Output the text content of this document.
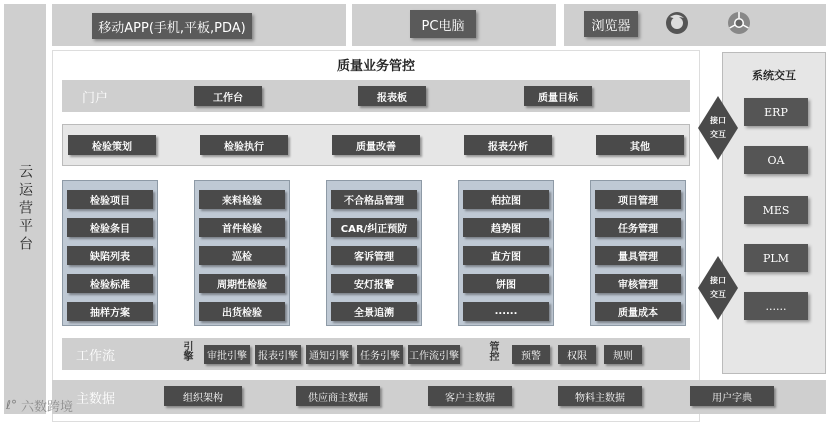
云运营平台
移动APP(手机,平板,PDA)	PC电脑	浏览器
质量业务管控
门户	工作台	报表板	质量目标
检验策划	检验执行	质量改善	报表分析	其他
检验项目
检验条目
缺陷列表
检验标准
抽样方案
来料检验
首件检验
巡检
周期性检验
出货检验
不合格品管理
CAR/纠正预防
客诉管理
安灯报警
全景追溯
柏拉图
趋势图
直方图
饼图
......
项目管理
任务管理
量具管理
审核管理
质量成本
工作流	引擎	审批引擎	报表引擎	通知引擎	任务引擎 工作流引擎	管控	预警	权限	规则
主数据	组织架构	供应商主数据	客户主数据	物料主数据	用户字典
系统交互
ERP
OA
MES
PLM
......
接口交互
接口交互
ℓ° 六数跨境
